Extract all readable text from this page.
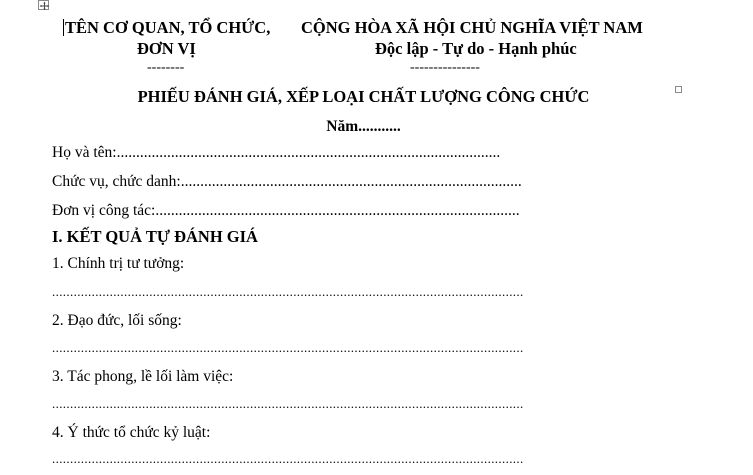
TÊN CƠ QUAN, TỔ CHỨC,
ĐƠN VỊ
--------
CỘNG HÒA XÃ HỘI CHỦ NGHĨA VIỆT NAM
Độc lập - Tự do - Hạnh phúc
---------------
PHIẾU ĐÁNH GIÁ, XẾP LOẠI CHẤT LƯỢNG CÔNG CHỨC
Năm...........
Họ và tên:...................................................................................................
Chức vụ, chức danh:........................................................................................
Đơn vị công tác:..............................................................................................
I. KẾT QUẢ TỰ ĐÁNH GIÁ
1. Chính trị tư tưởng:
...................................................................................................................................
2. Đạo đức, lối sống:
...................................................................................................................................
3. Tác phong, lề lối làm việc:
...................................................................................................................................
4. Ý thức tổ chức kỷ luật:
...................................................................................................................................
